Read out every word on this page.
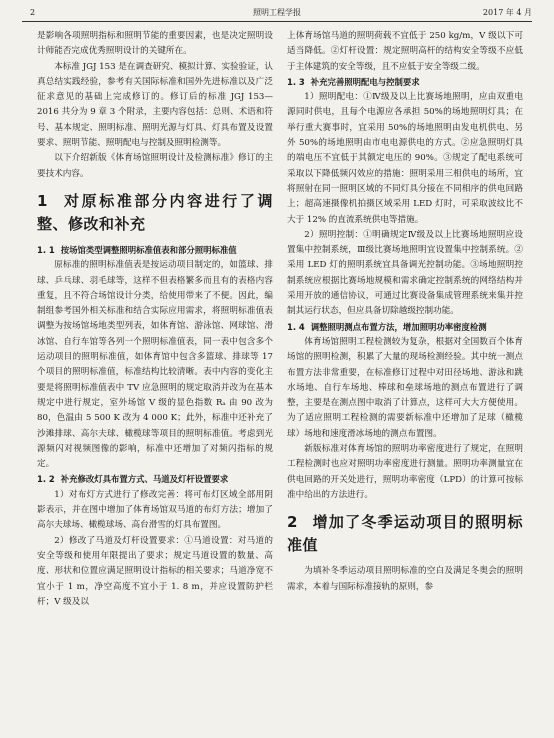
2	照明工程学报	2017 年 4 月

是影响各项照明指标和照明节能的重要因素，也是决定照明设计师能否完成优秀照明设计的关键所在。

本标准 JGJ 153 是在调查研究、模拟计算、实验验证，认真总结实践经验，参考有关国际标准和国外先进标准以及广泛征求意见的基础上完成修订的。修订后的标准 JGJ 153—2016 共分为 9 章 3 个附录，主要内容包括：总则、术语和符号、基本规定、照明标准、照明光源与灯具、灯具布置及设置要求、照明节能、照明配电与控制及照明检测等。

以下介绍新版《体育场馆照明设计及检测标准》修订的主要技术内容。

1 对原标准部分内容进行了调整、修改和补充
1. 1 按场馆类型调整照明标准值表和部分照明标准值

原标准的照明标准值表是按运动项目制定的，如篮球、排球、乒乓球、羽毛球等，这样不但表格繁多而且有的表格内容重复，且不符合场馆设计分类，给使用带来了不便。因此，编制组参考国外相关标准和结合实际应用需求，将照明标准值表调整为按场馆场地类型列表，如体育馆、游泳馆、网球馆、滑冰馆、自行车馆等各列一个照明标准值表，同一表中包含多个运动项目的照明标准值，如体育馆中包含多篮球、排球等 17 个项目的照明标准值，标准结构比较清晰。表中内容的变化主要是将照明标准值表中 TV 应急照明的规定取消并改为在基本规定中进行规定，室外场馆 V 级的显色指数 Rₐ 由 90 改为 80，色温由 5 500 K 改为 4 000 K；此外，标准中还补充了沙滩排球、高尔夫球、橄榄球等项目的照明标准值。考虑到光源频闪对视频图像的影响，标准中还增加了对频闪指标的规定。

1. 2 补充修改灯具布置方式、马道及灯杆设置要求

1）对布灯方式进行了修改完善：将可布灯区域全部用阴影表示，并在图中增加了体育场馆双马道的布灯方法；增加了高尔夫球场、橄榄球场、高台滑雪的灯具布置图。

2）修改了马道及灯杆设置要求：①马道设置：对马道的安全等级和使用年限提出了要求；规定马道设置的数量、高度、形状和位置应满足照明设计指标的相关要求；马道净宽不宜小于 1 m，净空高度不宜小于 1. 8 m，并应设置防护栏杆；V 级及以

上体育场馆马道的照明荷载不宜低于 250 kg/m，V 级以下可适当降低。②灯杆设置：规定照明高杆的结构安全等级不应低于主体建筑的安全等级，且不应低于安全等级二级。

1. 3 补充完善照明配电与控制要求

1）照明配电：①Ⅳ级及以上比赛场地照明，应由双重电源同时供电，且每个电源应各承担 50%的场地照明灯具；在举行重大赛事时，宜采用 50%的场地照明由发电机供电、另外 50%的场地照明由市电电源供电的方式。②应急照明灯具的端电压不宜低于其额定电压的 90%。③规定了配电系统可采取以下降低频闪效应的措施：照明采用三相供电的场所，宜将照射在同一照明区域的不同灯具分接在不同相序的供电回路上；超高速摄像机拍摄区域采用 LED 灯时，可采取波纹比不大于 12% 的直流系统供电等措施。

2）照明控制：①明确规定Ⅳ级及以上比赛场地照明应设置集中控制系统，Ⅲ级比赛场地照明宜设置集中控制系统。②采用 LED 灯的照明系统宜具备调光控制功能。③场地照明控制系统应根据比赛场地规模和需求确定控制系统的网络结构并采用开放的通信协议，可通过比赛设备集成管理系统来集并控制其运行状态，但应具备切除越级控制功能。

1. 4 调整照明测点布置方法，增加照明功率密度检测

体育场馆照明工程检测较为复杂，根据对全国数百个体育场馆的照明检测，积累了大量的现场检测经验。其中统一测点布置方法非常重要，在标准修订过程中对田径场地、游泳和跳水场地、自行车场地、棒球和垒球场地的测点布置进行了调整，主要是在测点图中取消了计算点，这样可大大方便使用。为了适应照明工程检测的需要新标准中还增加了足球（橄榄球）场地和速度滑冰场地的测点布置图。

新版标准对体育场馆的照明功率密度进行了规定，在照明工程检测时也应对照明功率密度进行测量。照明功率测量宜在供电回路的开关处进行，照明功率密度（LPD）的计算可按标准中给出的方法进行。

2 增加了冬季运动项目的照明标准值

为填补冬季运动项目照明标准的空白及满足冬奥会的照明需求，本着与国际标准接轨的原则，参
